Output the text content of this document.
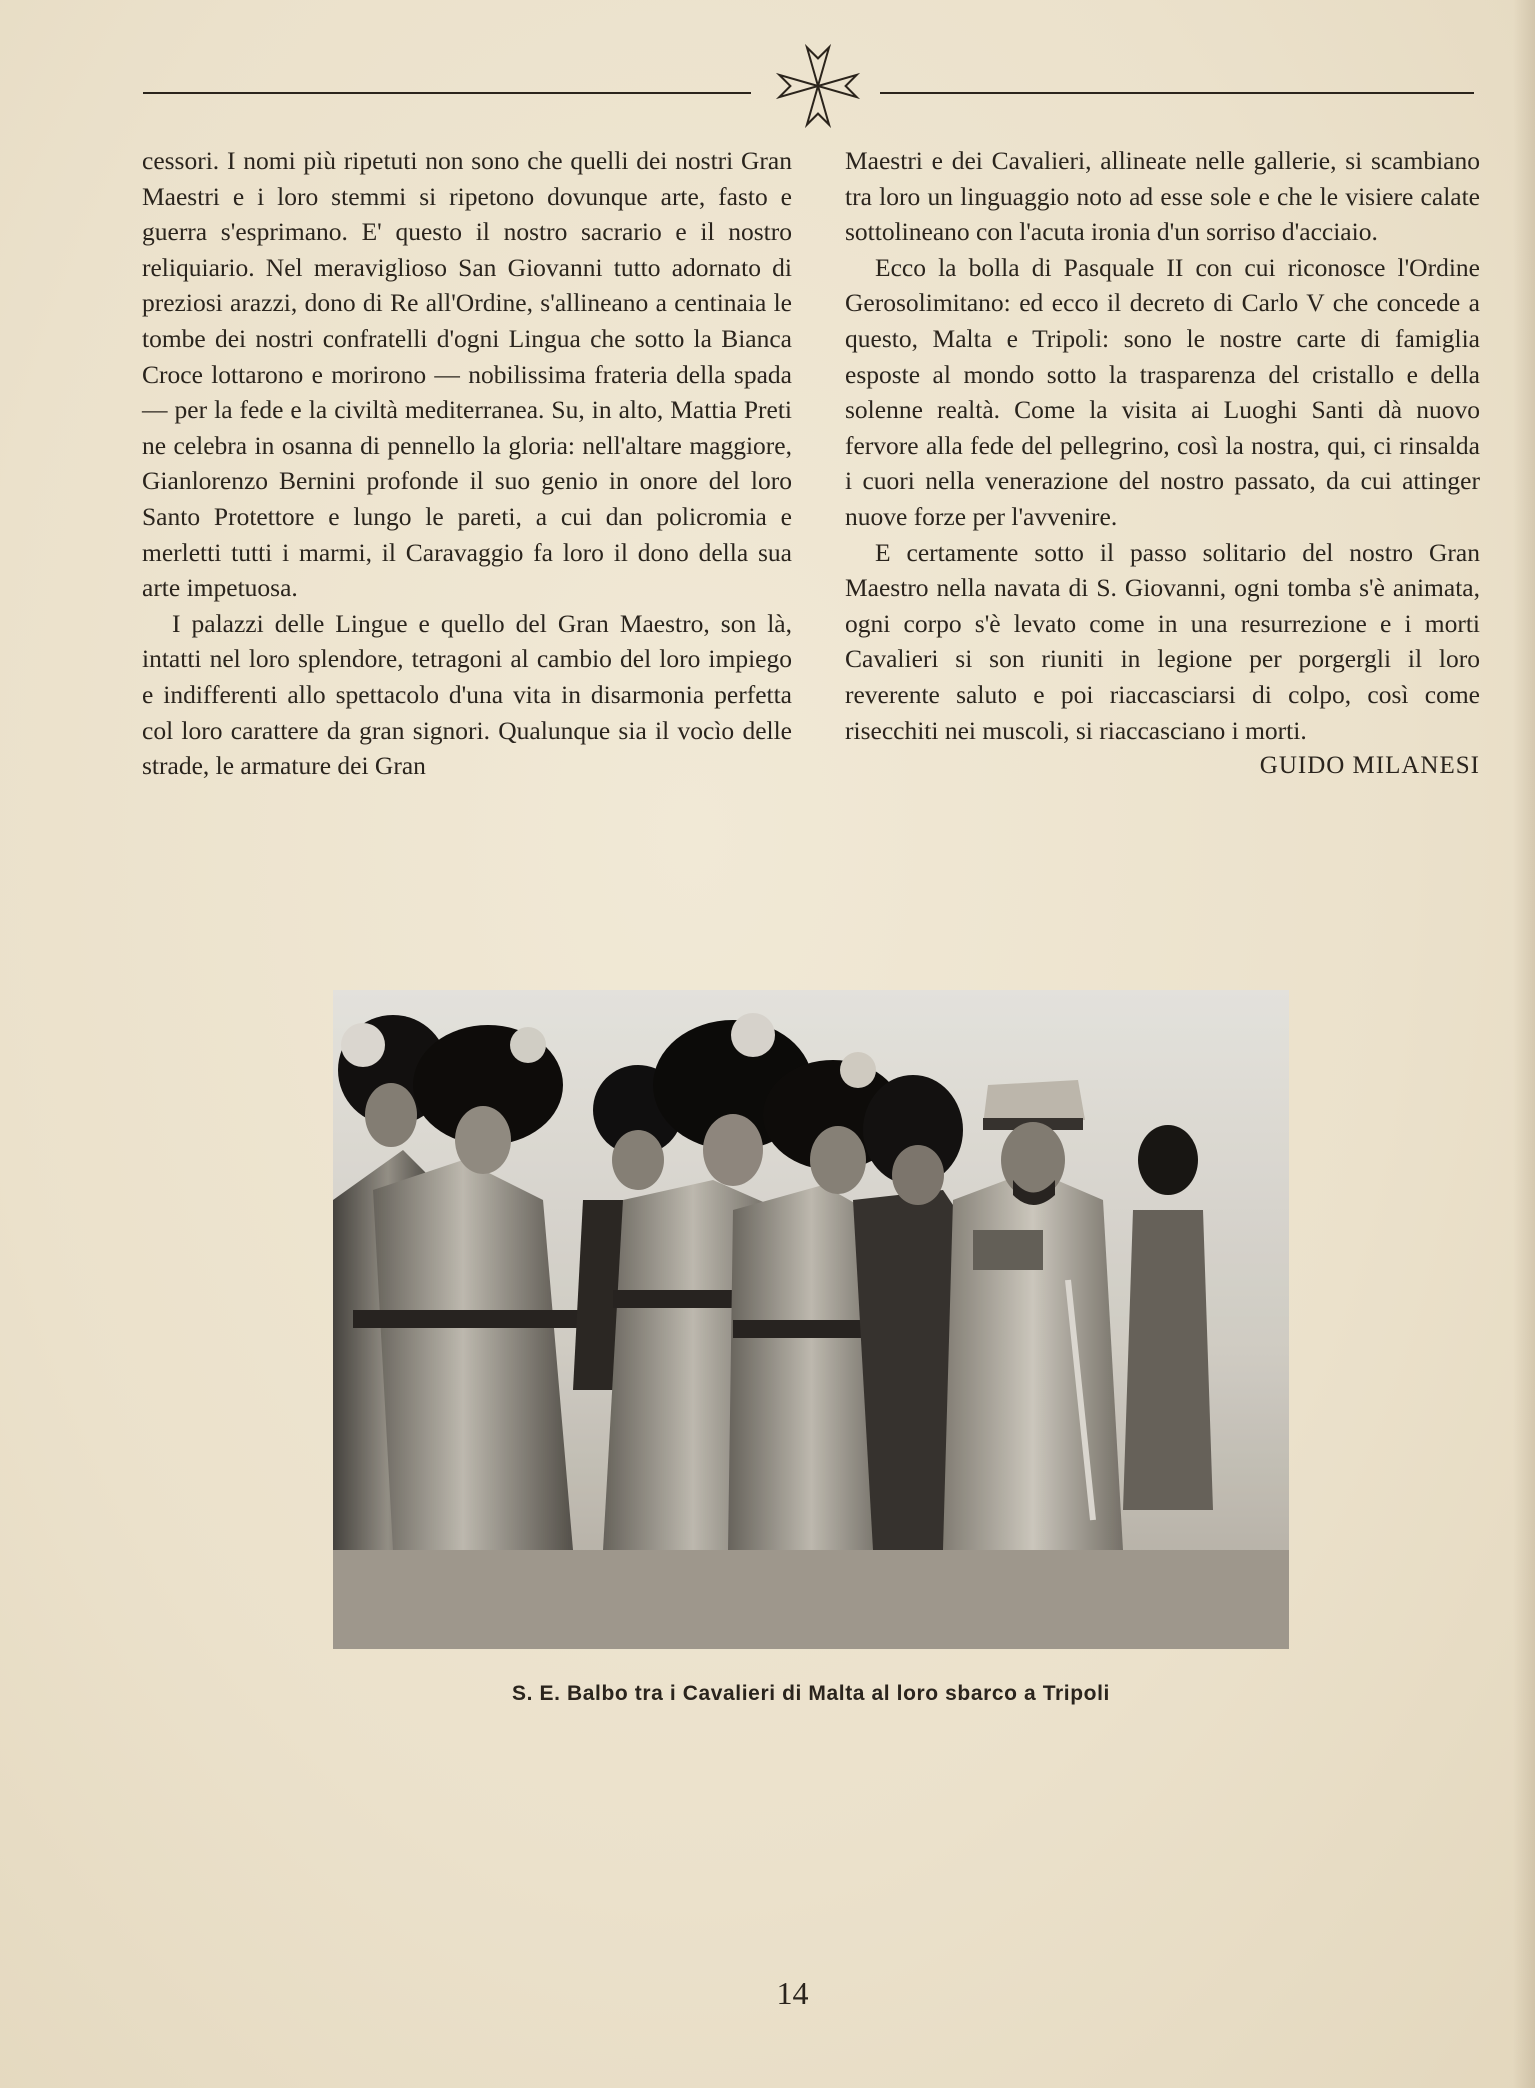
cessori. I nomi più ripetuti non sono che quelli dei nostri Gran Maestri e i loro stemmi si ripetono dovunque arte, fasto e guerra s'esprimano. E' questo il nostro sacrario e il nostro reliquiario. Nel meraviglioso San Giovanni tutto adornato di preziosi arazzi, dono di Re all'Ordine, s'allineano a centinaia le tombe dei nostri confratelli d'ogni Lingua che sotto la Bianca Croce lottarono e morirono — nobilissima frateria della spada — per la fede e la civiltà mediterranea. Su, in alto, Mattia Preti ne celebra in osanna di pennello la gloria: nell'altare maggiore, Gianlorenzo Bernini profonde il suo genio in onore del loro Santo Protettore e lungo le pareti, a cui dan policromia e merletti tutti i marmi, il Caravaggio fa loro il dono della sua arte impetuosa.

I palazzi delle Lingue e quello del Gran Maestro, son là, intatti nel loro splendore, tetragoni al cambio del loro impiego e indifferenti allo spettacolo d'una vita in disarmonia perfetta col loro carattere da gran signori. Qualunque sia il vocìo delle strade, le armature dei Gran

Maestri e dei Cavalieri, allineate nelle gallerie, si scambiano tra loro un linguaggio noto ad esse sole e che le visiere calate sottolineano con l'acuta ironia d'un sorriso d'acciaio.

Ecco la bolla di Pasquale II con cui riconosce l'Ordine Gerosolimitano: ed ecco il decreto di Carlo V che concede a questo, Malta e Tripoli: sono le nostre carte di famiglia esposte al mondo sotto la trasparenza del cristallo e della solenne realtà. Come la visita ai Luoghi Santi dà nuovo fervore alla fede del pellegrino, così la nostra, qui, ci rinsalda i cuori nella venerazione del nostro passato, da cui attinger nuove forze per l'avvenire.

E certamente sotto il passo solitario del nostro Gran Maestro nella navata di S. Giovanni, ogni tomba s'è animata, ogni corpo s'è levato come in una resurrezione e i morti Cavalieri si son riuniti in legione per porgergli il loro reverente saluto e poi riaccasciarsi di colpo, così come risecchiti nei muscoli, si riaccasciano i morti.

GUIDO MILANESI

S. E. Balbo tra i Cavalieri di Malta al loro sbarco a Tripoli
14
